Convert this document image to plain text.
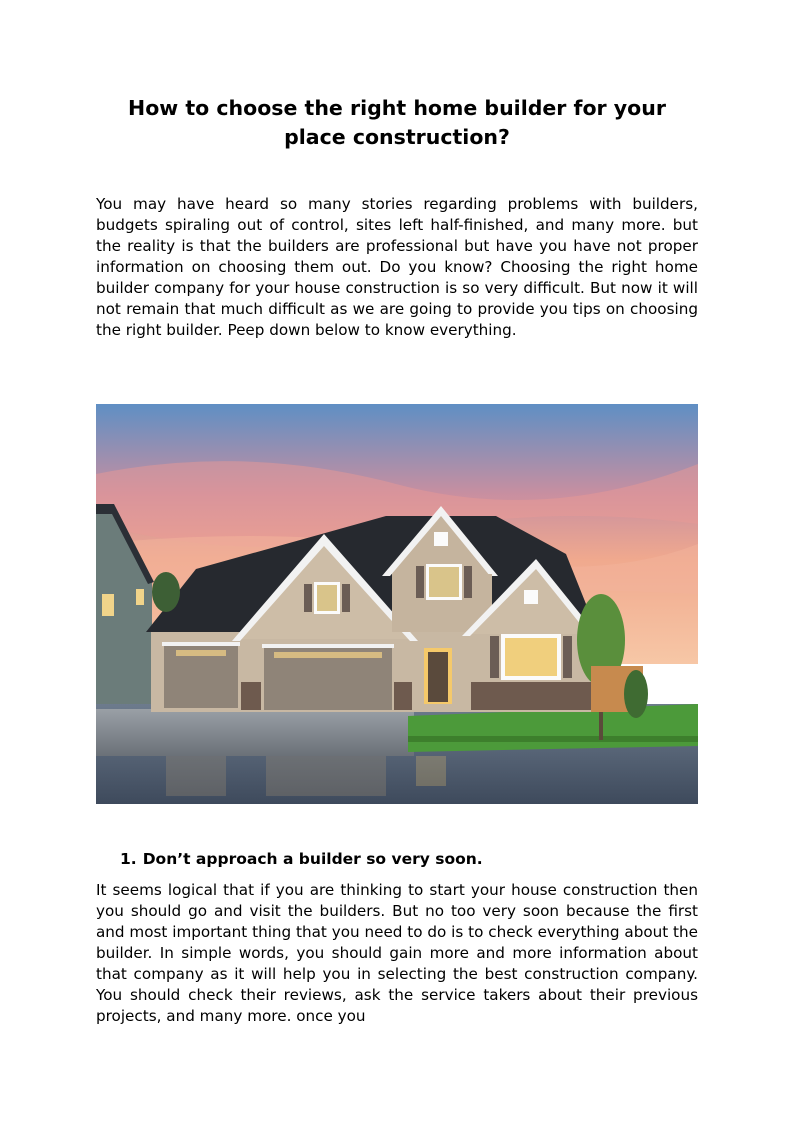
How to choose the right home builder for your place construction?

You may have heard so many stories regarding problems with builders, budgets spiraling out of control, sites left half-finished, and many more. but the reality is that the builders are professional but have you have not proper information on choosing them out. Do you know? Choosing the right home builder company for your house construction is so very difficult. But now it will not remain that much difficult as we are going to provide you tips on choosing the right builder. Peep down below to know everything.

1. Don’t approach a builder so very soon.

It seems logical that if you are thinking to start your house construction then you should go and visit the builders. But no too very soon because the first and most important thing that you need to do is to check everything about the builder. In simple words, you should gain more and more information about that company as it will help you in selecting the best construction company. You should check their reviews, ask the service takers about their previous projects, and many more. once you
